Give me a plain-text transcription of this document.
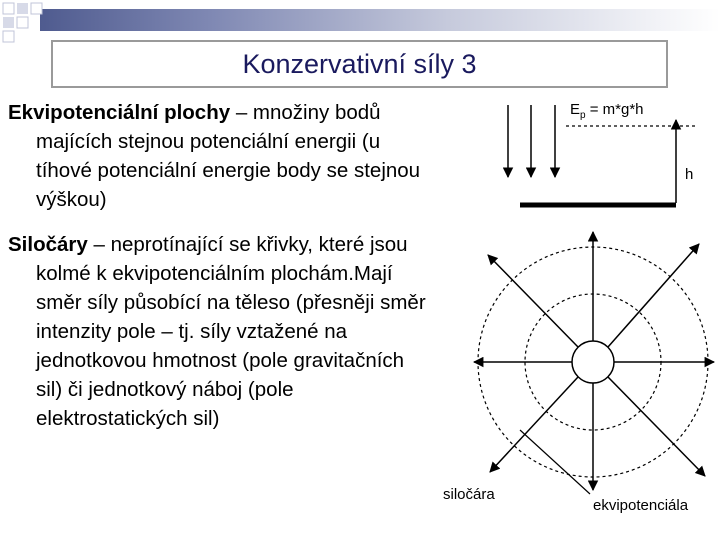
Konzervativní síly 3

Ekvipotenciální plochy – množiny bodů

majících stejnou potenciální energii (u

tíhové potenciální energie body se stejnou

výškou)

Siločáry – neprotínající se křivky, které jsou

kolmé k ekvipotenciálním plochám.Mají

směr síly působící na těleso (přesněji směr

intenzity pole – tj. síly vztažené na

jednotkovou hmotnost (pole gravitačních

sil) či jednotkový náboj (pole

elektrostatických sil)

$E_p = m*g*h$
h
siločára
ekvipotenciála
